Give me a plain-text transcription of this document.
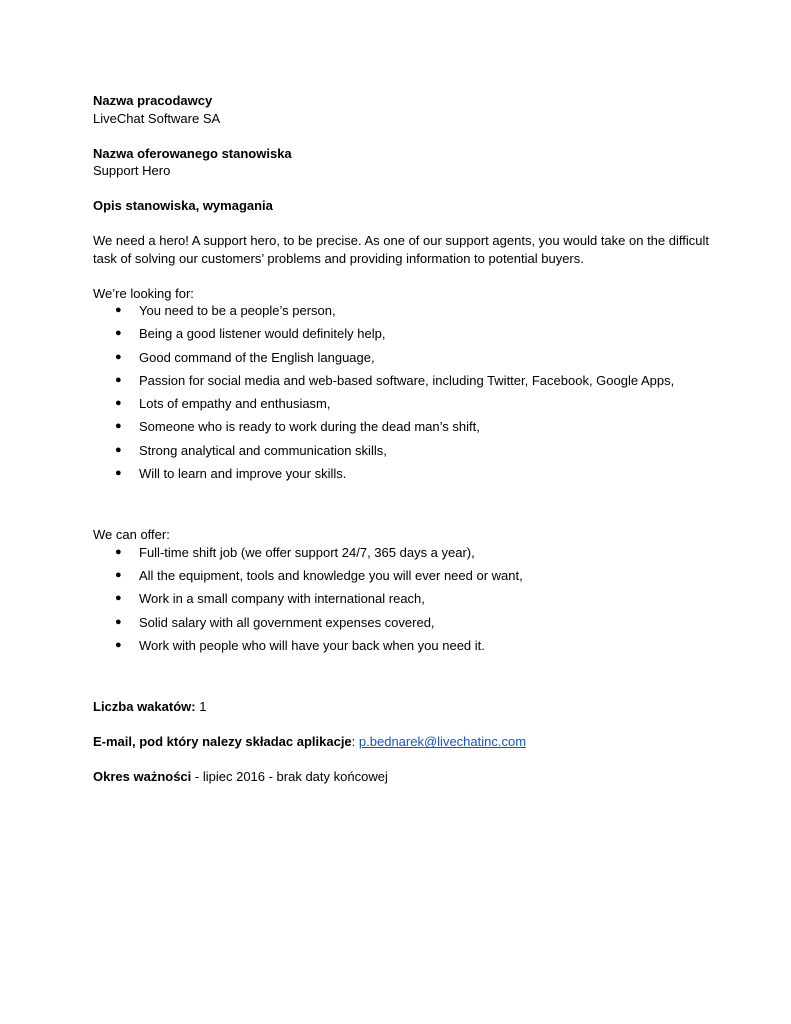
Nazwa pracodawcy

LiveChat Software SA

Nazwa oferowanego stanowiska

Support Hero

Opis stanowiska, wymagania

We need a hero! A support hero, to be precise. As one of our support agents, you would take on the difficult

task of solving our customers’ problems and providing information to potential buyers.

We’re looking for:

● You need to be a people’s person,
● Being a good listener would definitely help,
● Good command of the English language,
● Passion for social media and web-based software, including Twitter, Facebook, Google Apps,
● Lots of empathy and enthusiasm,
● Someone who is ready to work during the dead man’s shift,
● Strong analytical and communication skills,
● Will to learn and improve your skills.

We can offer:

● Full-time shift job (we offer support 24/7, 365 days a year),
● All the equipment, tools and knowledge you will ever need or want,
● Work in a small company with international reach,
● Solid salary with all government expenses covered,
● Work with people who will have your back when you need it.

Liczba wakatów: 1

E-mail, pod który nalezy składac aplikacje: p.bednarek@livechatinc.com

Okres ważności - lipiec 2016 - brak daty końcowej
